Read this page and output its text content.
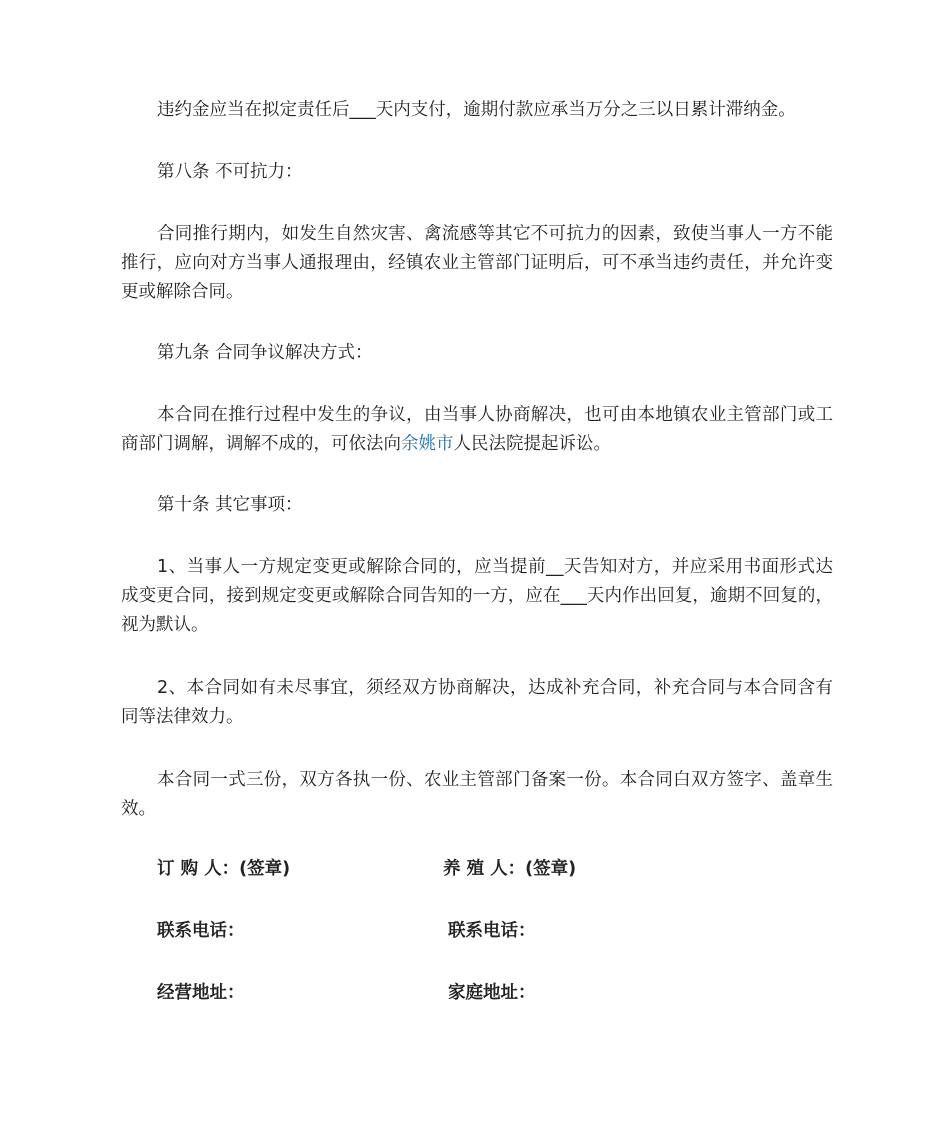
违约金应当在拟定责任后___天内支付，逾期付款应承当万分之三以日累计滞纳金。
第八条 不可抗力：
合同推行期内，如发生自然灾害、禽流感等其它不可抗力的因素，致使当事人一方不能推行，应向对方当事人通报理由，经镇农业主管部门证明后，可不承当违约责任，并允许变更或解除合同。
第九条 合同争议解决方式：
本合同在推行过程中发生的争议，由当事人协商解决，也可由本地镇农业主管部门或工商部门调解，调解不成的，可依法向余姚市人民法院提起诉讼。
第十条 其它事项：
1、当事人一方规定变更或解除合同的，应当提前__天告知对方，并应采用书面形式达成变更合同，接到规定变更或解除合同告知的一方，应在___天内作出回复，逾期不回复的，视为默认。
2、本合同如有未尽事宜，须经双方协商解决，达成补充合同，补充合同与本合同含有同等法律效力。
本合同一式三份，双方各执一份、农业主管部门备案一份。本合同白双方签字、盖章生效。
订 购 人：(签章)	养 殖 人：(签章)
联系电话：	联系电话：
经营地址：	家庭地址：
